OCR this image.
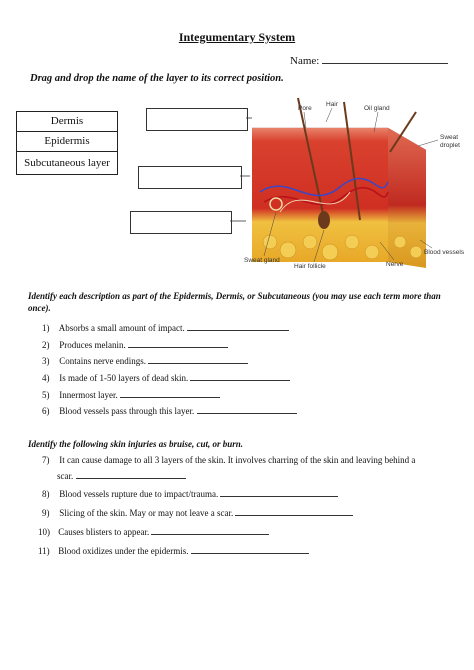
Integumentary System
Name:
Drag and drop the name of the layer to its correct position.
Dermis
Epidermis
Subcutaneous layer
Pore
Hair
Oil gland
Sweat
droplet
Sweat gland
Hair follicle	Nerve
Blood vessels
Identify each description as part of the Epidermis, Dermis, or Subcutaneous (you may use each term more than once).
1) Absorbs a small amount of impact.
2) Produces melanin.
3) Contains nerve endings.
4) Is made of 1-50 layers of dead skin.
5) Innermost layer.
6) Blood vessels pass through this layer.
Identify the following skin injuries as bruise, cut, or burn.
7) It can cause damage to all 3 layers of the skin. It involves charring of the skin and leaving behind a
scar.
8) Blood vessels rupture due to impact/trauma.
9) Slicing of the skin. May or may not leave a scar.
10) Causes blisters to appear.
11) Blood oxidizes under the epidermis.
